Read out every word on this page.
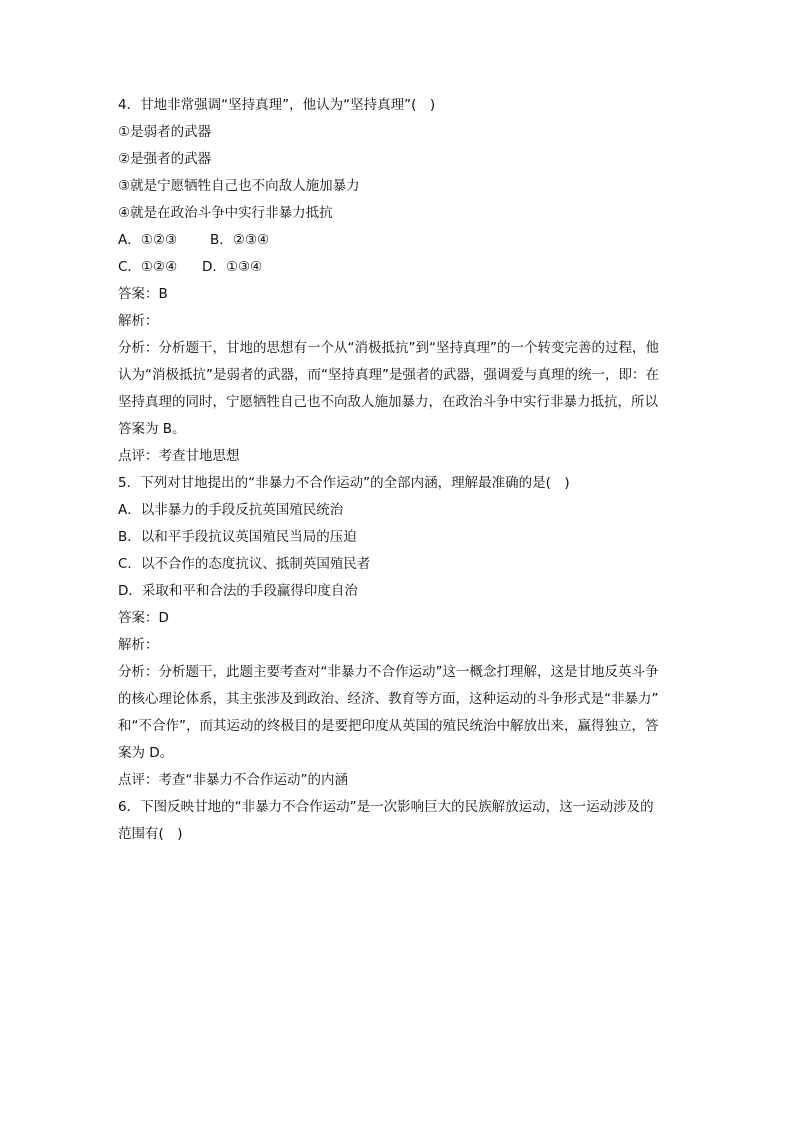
4．甘地非常强调“坚持真理”，他认为“坚持真理”(　)
①是弱者的武器
②是强者的武器
③就是宁愿牺牲自己也不向敌人施加暴力
④就是在政治斗争中实行非暴力抵抗
A．①②③ B．②③④
C．①②④ D．①③④
答案：B
解析：
分析：分析题干，甘地的思想有一个从“消极抵抗”到“坚持真理”的一个转变完善的过程，他
认为“消极抵抗”是弱者的武器，而“坚持真理”是强者的武器，强调爱与真理的统一，即：在
坚持真理的同时，宁愿牺牲自己也不向敌人施加暴力，在政治斗争中实行非暴力抵抗，所以
答案为 B。
点评：考查甘地思想
5．下列对甘地提出的“非暴力不合作运动”的全部内涵，理解最准确的是(　)
A．以非暴力的手段反抗英国殖民统治
B．以和平手段抗议英国殖民当局的压迫
C．以不合作的态度抗议、抵制英国殖民者
D．采取和平和合法的手段赢得印度自治
答案：D
解析：
分析：分析题干，此题主要考查对“非暴力不合作运动”这一概念打理解，这是甘地反英斗争
的核心理论体系，其主张涉及到政治、经济、教育等方面，这种运动的斗争形式是“非暴力”
和“不合作”，而其运动的终极目的是要把印度从英国的殖民统治中解放出来，赢得独立，答
案为 D。
点评：考查“非暴力不合作运动”的内涵
6．下图反映甘地的“非暴力不合作运动”是一次影响巨大的民族解放运动，这一运动涉及的
范围有(　)
